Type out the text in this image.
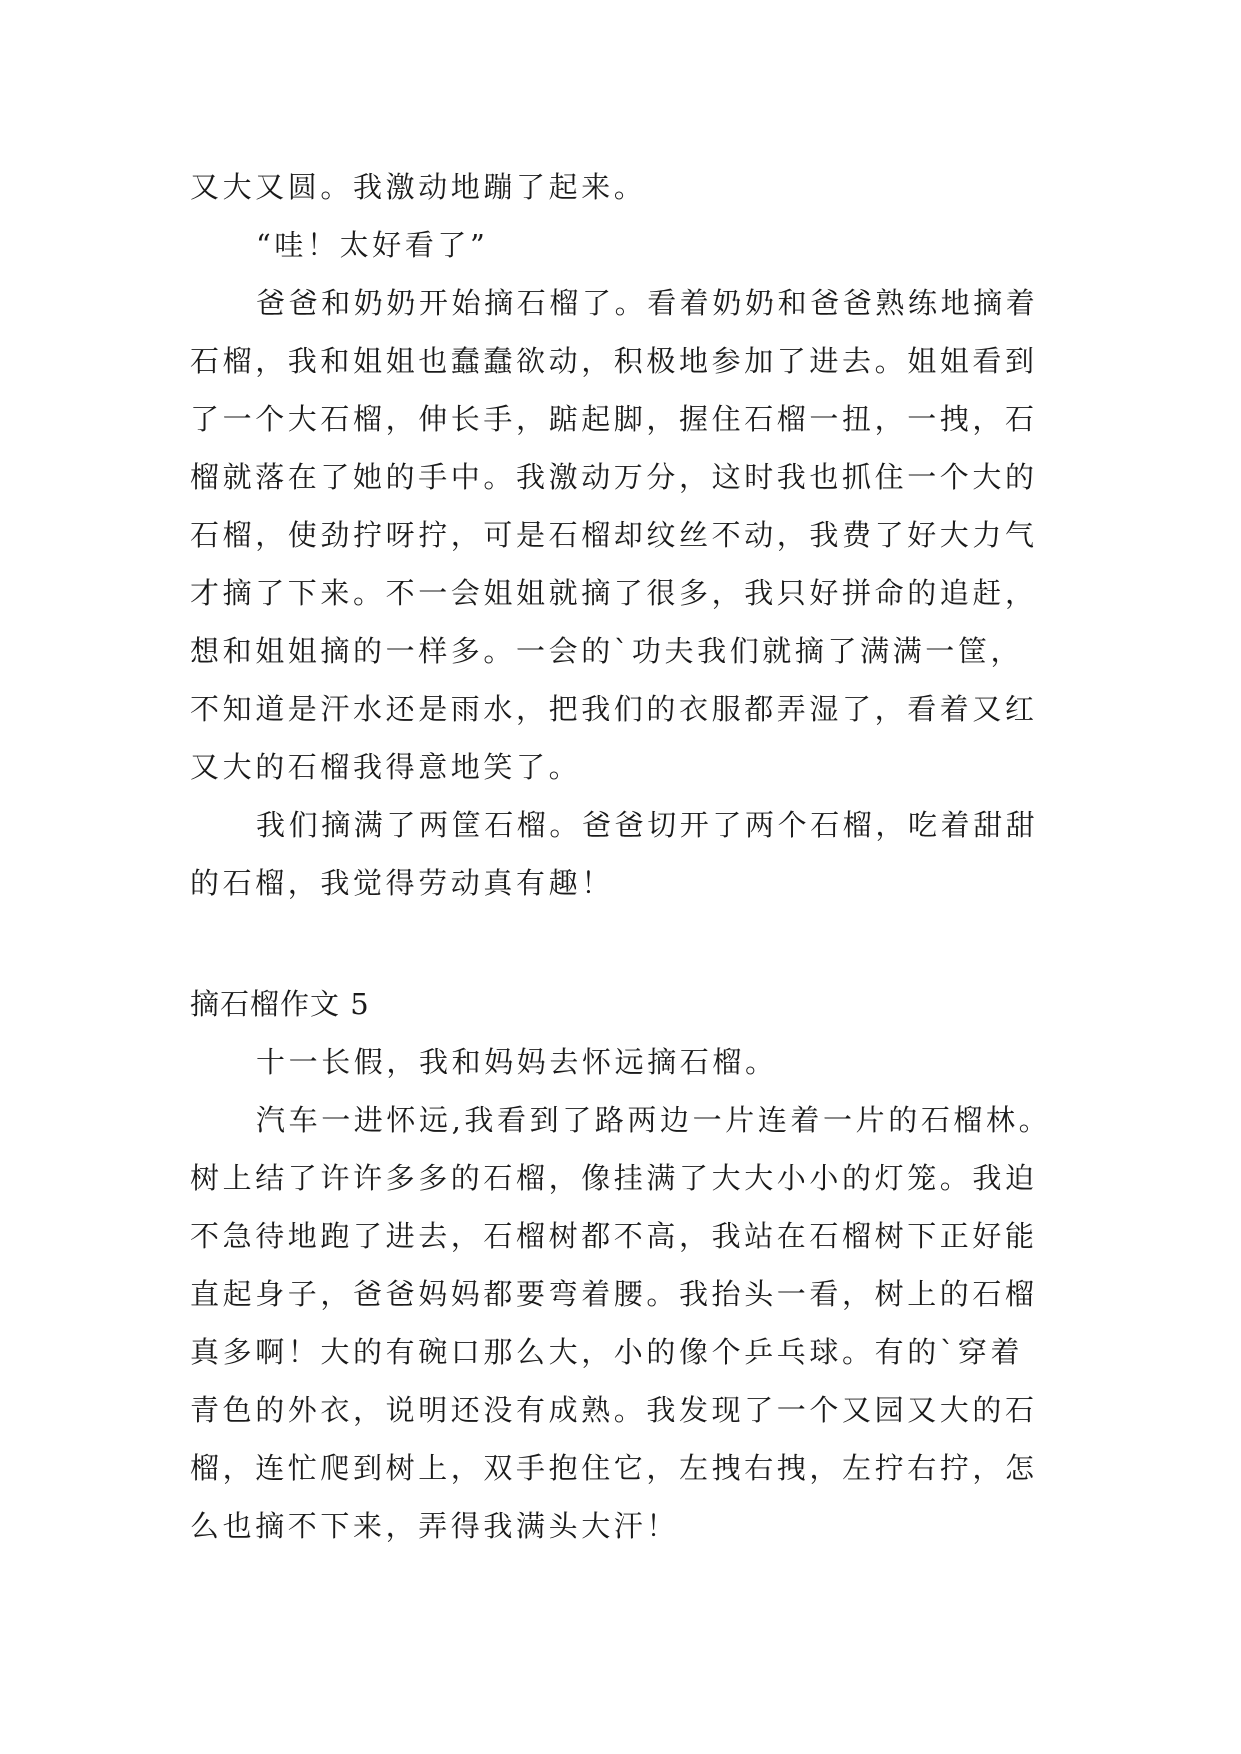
又大又圆。我激动地蹦了起来。
“哇！太好看了”
爸爸和奶奶开始摘石榴了。看着奶奶和爸爸熟练地摘着
石榴，我和姐姐也蠢蠢欲动，积极地参加了进去。姐姐看到
了一个大石榴，伸长手，踮起脚，握住石榴一扭，一拽，石
榴就落在了她的手中。我激动万分，这时我也抓住一个大的
石榴，使劲拧呀拧，可是石榴却纹丝不动，我费了好大力气
才摘了下来。不一会姐姐就摘了很多，我只好拼命的追赶，
想和姐姐摘的一样多。一会的`功夫我们就摘了满满一筐，
不知道是汗水还是雨水，把我们的衣服都弄湿了，看着又红
又大的石榴我得意地笑了。
我们摘满了两筐石榴。爸爸切开了两个石榴，吃着甜甜
的石榴，我觉得劳动真有趣！
摘石榴作文 5
十一长假，我和妈妈去怀远摘石榴。
汽车一进怀远,我看到了路两边一片连着一片的石榴林。
树上结了许许多多的石榴，像挂满了大大小小的灯笼。我迫
不急待地跑了进去，石榴树都不高，我站在石榴树下正好能
直起身子，爸爸妈妈都要弯着腰。我抬头一看，树上的石榴
真多啊！大的有碗口那么大，小的像个乒乓球。有的`穿着
青色的外衣，说明还没有成熟。我发现了一个又园又大的石
榴，连忙爬到树上，双手抱住它，左拽右拽，左拧右拧，怎
么也摘不下来，弄得我满头大汗！
